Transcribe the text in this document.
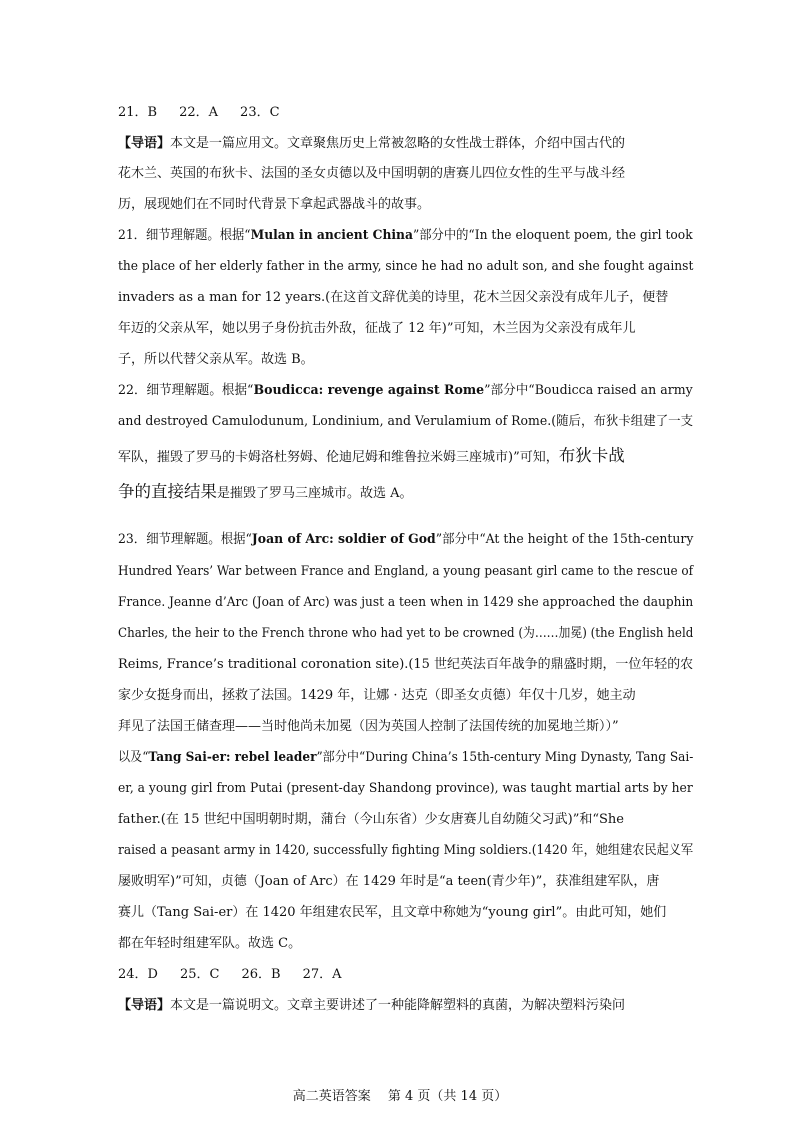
21．B 22．A 23．C
【导语】本文是一篇应用文。文章聚焦历史上常被忽略的女性战士群体，介绍中国古代的
花木兰、英国的布狄卡、法国的圣女贞德以及中国明朝的唐赛儿四位女性的生平与战斗经
历，展现她们在不同时代背景下拿起武器战斗的故事。
21．细节理解题。根据“Mulan in ancient China”部分中的“In the eloquent poem, the girl took
the place of her elderly father in the army, since he had no adult son, and she fought against
invaders as a man for 12 years.(在这首文辞优美的诗里，花木兰因父亲没有成年儿子，便替
年迈的父亲从军，她以男子身份抗击外敌，征战了 12 年)”可知，木兰因为父亲没有成年儿
子，所以代替父亲从军。故选 B。
22．细节理解题。根据“Boudicca: revenge against Rome”部分中“Boudicca raised an army
and destroyed Camulodunum, Londinium, and Verulamium of Rome.(随后，布狄卡组建了一支
军队，摧毁了罗马的卡姆洛杜努姆、伦迪尼姆和维鲁拉米姆三座城市)”可知，布狄卡战
争的直接结果是摧毁了罗马三座城市。故选 A。
23．细节理解题。根据“Joan of Arc: soldier of God”部分中“At the height of the 15th-century
Hundred Years’ War between France and England, a young peasant girl came to the rescue of
France. Jeanne d’Arc (Joan of Arc) was just a teen when in 1429 she approached the dauphin
Charles, the heir to the French throne who had yet to be crowned (为……加冕) (the English held
Reims, France’s traditional coronation site).(15 世纪英法百年战争的鼎盛时期，一位年轻的农
家少女挺身而出，拯救了法国。1429 年，让娜 · 达克（即圣女贞德）年仅十几岁，她主动
拜见了法国王储查理——当时他尚未加冕（因为英国人控制了法国传统的加冕地兰斯））”
以及“Tang Sai-er: rebel leader”部分中“During China’s 15th-century Ming Dynasty, Tang Sai-
er, a young girl from Putai (present-day Shandong province), was taught martial arts by her
father.(在 15 世纪中国明朝时期，蒲台（今山东省）少女唐赛儿自幼随父习武)”和“She
raised a peasant army in 1420, successfully fighting Ming soldiers.(1420 年，她组建农民起义军
屡败明军)”可知，贞德（Joan of Arc）在 1429 年时是“a teen(青少年)”，获准组建军队，唐
赛儿（Tang Sai-er）在 1420 年组建农民军，且文章中称她为“young girl”。由此可知，她们
都在年轻时组建军队。故选 C。
24．D 25．C 26．B 27．A
【导语】本文是一篇说明文。文章主要讲述了一种能降解塑料的真菌，为解决塑料污染问
高二英语答案　 第 4 页（共 14 页）
